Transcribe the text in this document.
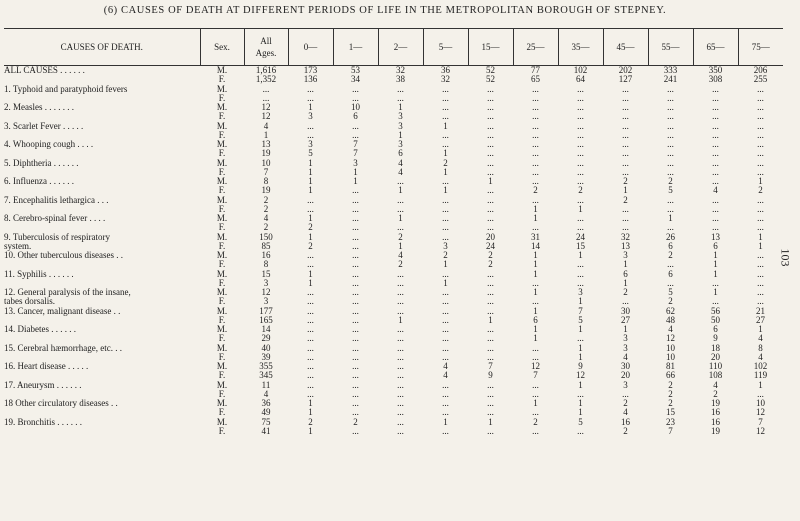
(6) CAUSES OF DEATH AT DIFFERENT PERIODS OF LIFE IN THE METROPOLITAN BOROUGH OF STEPNEY.
103
CAUSES OF DEATH.	Sex.	All
Ages.	0—	1—	2—	5—	15—	25—	35—	45—	55—	65—	75—
ALL CAUSES . . . . . .	M.	1,616	173	53	32	36	52	77	102	202	333	350	206
	F.	1,352	136	34	38	32	52	65	64	127	241	308	255
1. Typhoid and paratyphoid fevers	M.	...	...	...	...	...	...	...	...	...	...	...	...
	F.	...	...	...	...	...	...	...	...	...	...	...	...
2. Measles . . . . . . .	M.	12	1	10	1	...	...	...	...	...	...	...	...
	F.	12	3	6	3	...	...	...	...	...	...	...	...
3. Scarlet Fever . . . . .	M.	4	...	...	3	1	...	...	...	...	...	...	...
	F.	1	...	...	1	...	...	...	...	...	...	...	...
4. Whooping cough . . . .	M.	13	3	7	3	...	...	...	...	...	...	...	...
	F.	19	5	7	6	1	...	...	...	...	...	...	...
5. Diphtheria . . . . . .	M.	10	1	3	4	2	...	...	...	...	...	...	...
	F.	7	1	1	4	1	...	...	...	...	...	...	...
6. Influenza . . . . . .	M.	8	1	1	...	...	1	...	...	2	2	...	1
	F.	19	1	...	1	1	...	2	2	1	5	4	2
7. Encephalitis lethargica . . .	M.	2	...	...	...	...	...	...	...	2	...	...	...
	F.	2	...	...	...	...	...	1	1	...	...	...	...
8. Cerebro-spinal fever . . . .	M.	4	1	...	1	...	...	1	...	...	1	...	...
	F.	2	2	...	...	...	...	...	...	...	...	...	...
9. Tuberculosis of respiratory	M.	150	1	...	2	...	20	31	24	32	26	13	1
system.	F.	85	2	...	1	3	24	14	15	13	6	6	1
10. Other tuberculous diseases . .	M.	16	...	...	4	2	2	1	1	3	2	1	...
	F.	8	...	...	2	1	2	1	...	1	...	1	...
11. Syphilis . . . . . .	M.	15	1	...	...	...	...	1	...	6	6	1	...
	F.	3	1	...	...	1	...	...	...	1	...	...	...
12. General paralysis of the insane,	M.	12	...	...	...	...	...	1	3	2	5	1	...
tabes dorsalis.	F.	3	...	...	...	...	...	...	1	...	2	...	...
13. Cancer, malignant disease . .	M.	177	...	...	...	...	...	1	7	30	62	56	21
	F.	165	...	...	1	...	1	6	5	27	48	50	27
14. Diabetes . . . . . .	M.	14	...	...	...	...	...	1	1	1	4	6	1
	F.	29	...	...	...	...	...	1	...	3	12	9	4
15. Cerebral hæmorrhage, etc. . .	M.	40	...	...	...	...	...	...	1	3	10	18	8
	F.	39	...	...	...	...	...	...	1	4	10	20	4
16. Heart disease . . . . .	M.	355	...	...	...	4	7	12	9	30	81	110	102
	F.	345	...	...	...	4	9	7	12	20	66	108	119
17. Aneurysm . . . . . .	M.	11	...	...	...	...	...	...	1	3	2	4	1
	F.	4	...	...	...	...	...	...	...	...	2	2	...
18 Other circulatory diseases . .	M.	36	1	...	...	...	...	1	1	2	2	19	10
	F.	49	1	...	...	...	...	...	1	4	15	16	12
19. Bronchitis . . . . . .	M.	75	2	2	...	1	1	2	5	16	23	16	7
	F.	41	1	...	...	...	...	...	...	2	7	19	12
